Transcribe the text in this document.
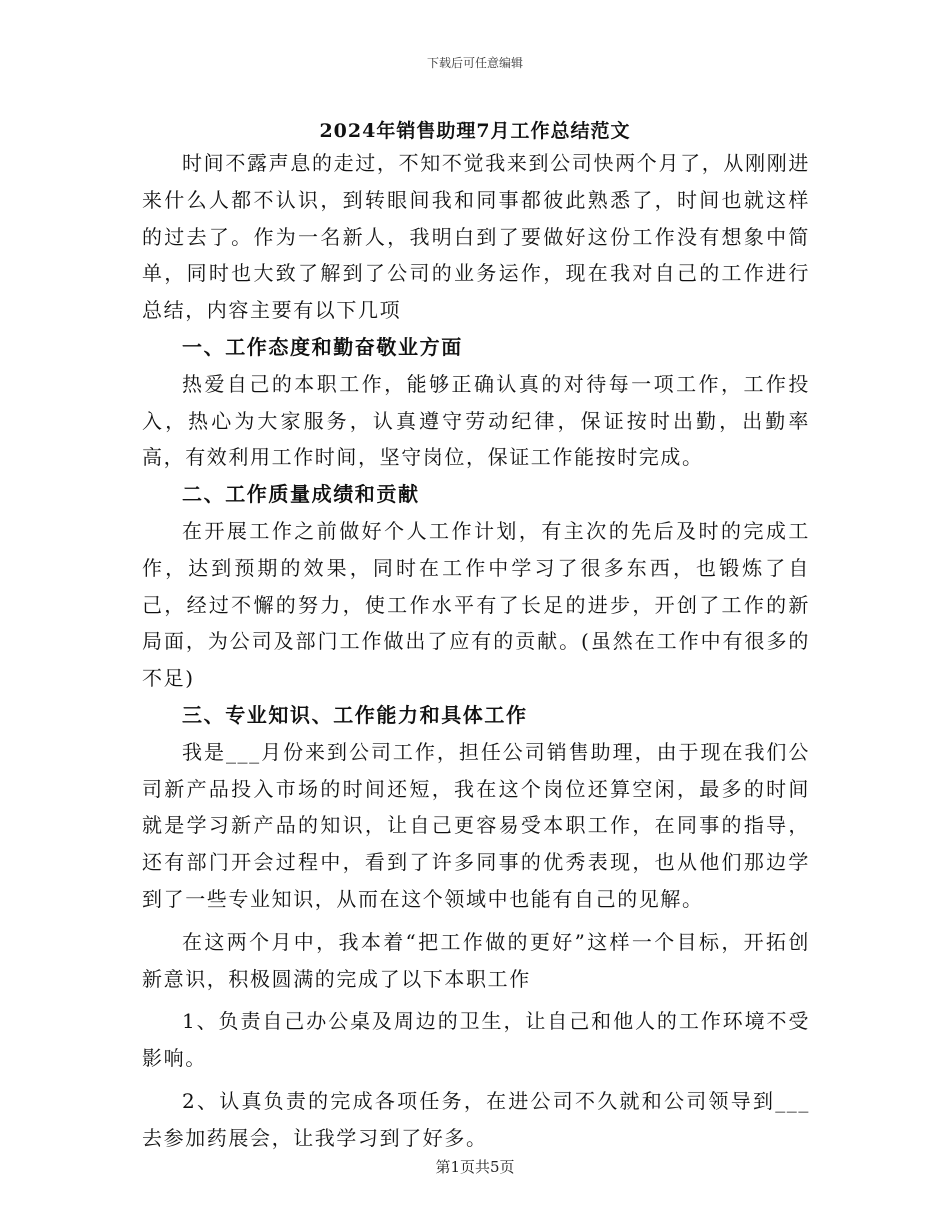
下载后可任意编辑
2024年销售助理7月工作总结范文

时间不露声息的走过，不知不觉我来到公司快两个月了，从刚刚进来什么人都不认识，到转眼间我和同事都彼此熟悉了，时间也就这样的过去了。作为一名新人，我明白到了要做好这份工作没有想象中简单，同时也大致了解到了公司的业务运作，现在我对自己的工作进行总结，内容主要有以下几项

一、工作态度和勤奋敬业方面

热爱自己的本职工作，能够正确认真的对待每一项工作，工作投入，热心为大家服务，认真遵守劳动纪律，保证按时出勤，出勤率高，有效利用工作时间，坚守岗位，保证工作能按时完成。

二、工作质量成绩和贡献

在开展工作之前做好个人工作计划，有主次的先后及时的完成工作，达到预期的效果，同时在工作中学习了很多东西，也锻炼了自己，经过不懈的努力，使工作水平有了长足的进步，开创了工作的新局面，为公司及部门工作做出了应有的贡献。(虽然在工作中有很多的不足)

三、专业知识、工作能力和具体工作

我是___月份来到公司工作，担任公司销售助理，由于现在我们公司新产品投入市场的时间还短，我在这个岗位还算空闲，最多的时间就是学习新产品的知识，让自己更容易受本职工作，在同事的指导，还有部门开会过程中，看到了许多同事的优秀表现，也从他们那边学到了一些专业知识，从而在这个领域中也能有自己的见解。

在这两个月中，我本着“把工作做的更好”这样一个目标，开拓创新意识，积极圆满的完成了以下本职工作

1、负责自己办公桌及周边的卫生，让自己和他人的工作环境不受影响。

2、认真负责的完成各项任务，在进公司不久就和公司领导到___去参加药展会，让我学习到了好多。

第1页共5页
